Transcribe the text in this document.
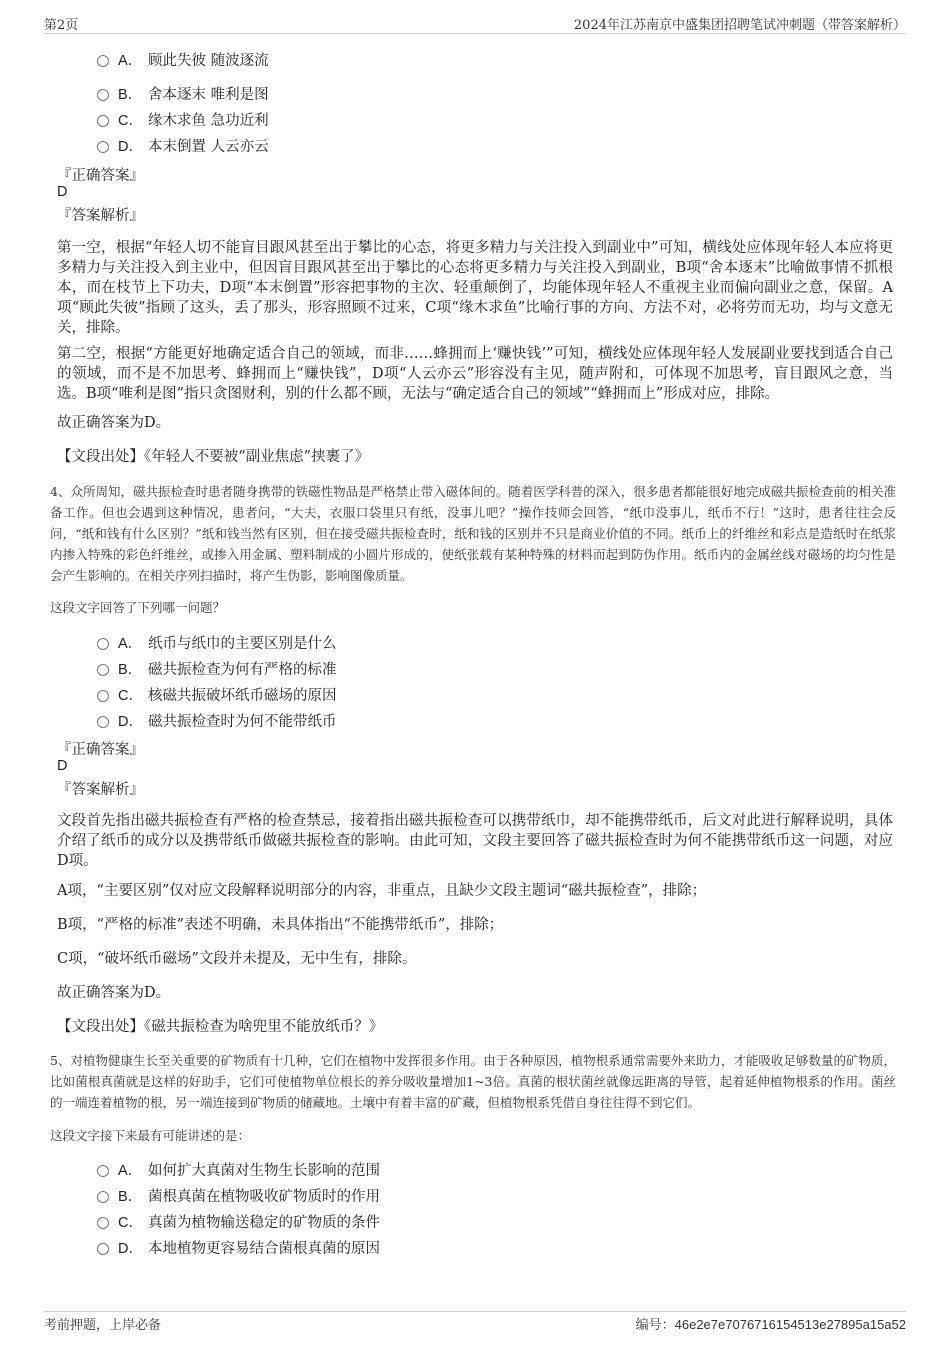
第2页	2024年江苏南京中盛集团招聘笔试冲刺题（带答案解析）
A． 顾此失彼 随波逐流
B． 舍本逐末 唯利是图
C． 缘木求鱼 急功近利
D． 本末倒置 人云亦云
『正确答案』
D
『答案解析』
第一空，根据“年轻人切不能盲目跟风甚至出于攀比的心态，将更多精力与关注投入到副业中”可知，横线处应体现年轻人本应将更多精力与关注投入到主业中，但因盲目跟风甚至出于攀比的心态将更多精力与关注投入到副业，B项“舍本逐末”比喻做事情不抓根本，而在枝节上下功夫，D项“本末倒置”形容把事物的主次、轻重颠倒了，均能体现年轻人不重视主业而偏向副业之意，保留。A项“顾此失彼”指顾了这头，丢了那头，形容照顾不过来，C项“缘木求鱼”比喻行事的方向、方法不对，必将劳而无功，均与文意无关，排除。
第二空，根据“方能更好地确定适合自己的领域，而非……蜂拥而上‘赚快钱’”可知，横线处应体现年轻人发展副业要找到适合自己的领域，而不是不加思考、蜂拥而上“赚快钱”，D项“人云亦云”形容没有主见，随声附和，可体现不加思考，盲目跟风之意，当选。B项“唯利是图”指只贪图财利，别的什么都不顾，无法与“确定适合自己的领域”“蜂拥而上”形成对应，排除。
故正确答案为D。
【文段出处】《年轻人不要被“副业焦虑”挟裹了》
4、众所周知，磁共振检查时患者随身携带的铁磁性物品是严格禁止带入磁体间的。随着医学科普的深入，很多患者都能很好地完成磁共振检查前的相关准备工作。但也会遇到这种情况，患者问，“大夫，衣服口袋里只有纸，没事儿吧？”操作技师会回答，“纸巾没事儿，纸币不行！”这时，患者往往会反问，“纸和钱有什么区别？”纸和钱当然有区别，但在接受磁共振检查时，纸和钱的区别并不只是商业价值的不同。纸币上的纤维丝和彩点是造纸时在纸浆内掺入特殊的彩色纤维丝，或掺入用金属、塑料制成的小圆片形成的，使纸张载有某种特殊的材料而起到防伪作用。纸币内的金属丝线对磁场的均匀性是会产生影响的。在相关序列扫描时，将产生伪影，影响图像质量。
这段文字回答了下列哪一问题？
A． 纸币与纸巾的主要区别是什么
B． 磁共振检查为何有严格的标准
C． 核磁共振破坏纸币磁场的原因
D． 磁共振检查时为何不能带纸币
『正确答案』
D
『答案解析』
文段首先指出磁共振检查有严格的检查禁忌，接着指出磁共振检查可以携带纸巾，却不能携带纸币，后文对此进行解释说明，具体介绍了纸币的成分以及携带纸币做磁共振检查的影响。由此可知，文段主要回答了磁共振检查时为何不能携带纸币这一问题，对应D项。
A项，“主要区别”仅对应文段解释说明部分的内容，非重点，且缺少文段主题词“磁共振检查”，排除；
B项，“严格的标准”表述不明确，未具体指出“不能携带纸币”，排除；
C项，“破坏纸币磁场”文段并未提及，无中生有，排除。
故正确答案为D。
【文段出处】《磁共振检查为啥兜里不能放纸币？》
5、对植物健康生长至关重要的矿物质有十几种，它们在植物中发挥很多作用。由于各种原因，植物根系通常需要外来助力，才能吸收足够数量的矿物质，比如菌根真菌就是这样的好助手，它们可使植物单位根长的养分吸收量增加1~3倍。真菌的根状菌丝就像远距离的导管，起着延伸植物根系的作用。菌丝的一端连着植物的根，另一端连接到矿物质的储藏地。土壤中有着丰富的矿藏，但植物根系凭借自身往往得不到它们。
这段文字接下来最有可能讲述的是：
A． 如何扩大真菌对生物生长影响的范围
B． 菌根真菌在植物吸收矿物质时的作用
C． 真菌为植物输送稳定的矿物质的条件
D． 本地植物更容易结合菌根真菌的原因
考前押题，上岸必备	编号：46e2e7e7076716154513e27895a15a52
